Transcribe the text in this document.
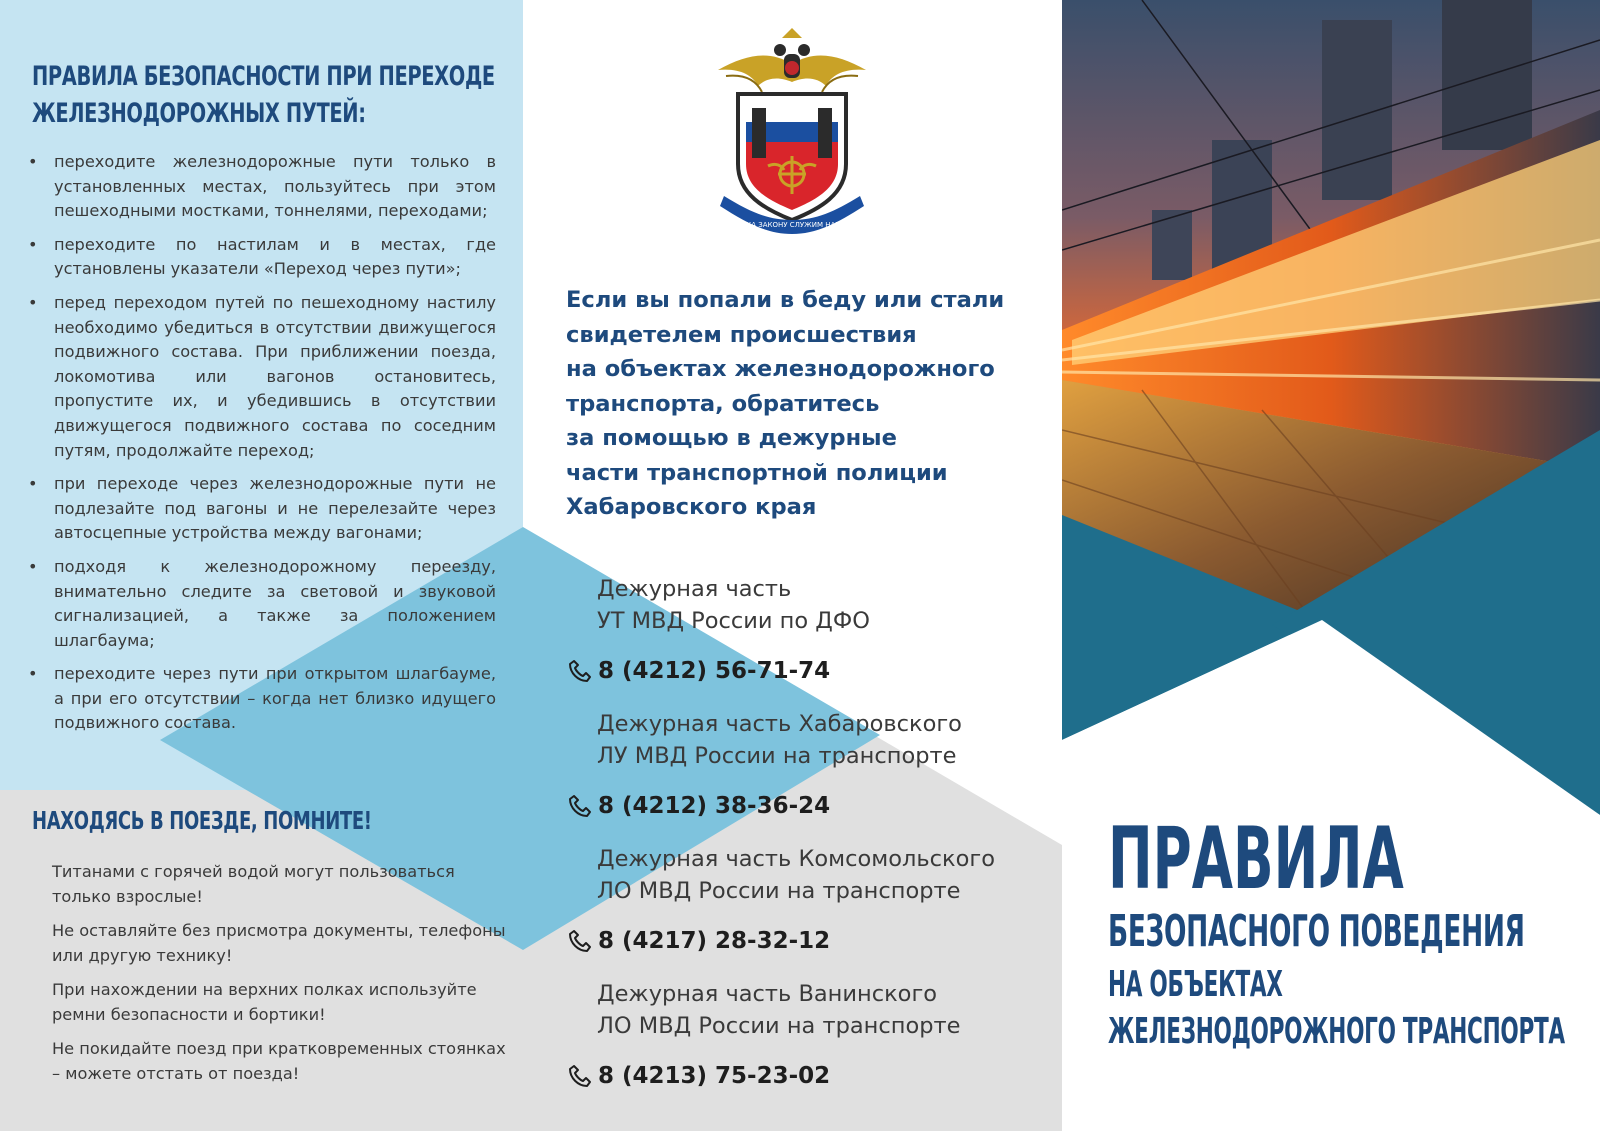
ПРАВИЛА БЕЗОПАСНОСТИ ПРИ ПЕРЕХОДЕ
ЖЕЛЕЗНОДОРОЖНЫХ ПУТЕЙ:
• переходите железнодорожные пути только в установленных местах, пользуйтесь при этом пешеходными мостками, тоннелями, переходами;
• переходите по настилам и в местах, где установлены указатели «Переход через пути»;
• перед переходом путей по пешеходному настилу необходимо убедиться в отсутствии движущегося подвижного состава. При приближении поезда, локомотива или вагонов остановитесь, пропустите их, и убедившись в отсутствии движущегося подвижного состава по соседним путям, продолжайте переход;
• при переходе через железнодорожные пути не подлезайте под вагоны и не перелезайте через автосцепные устройства между вагонами;
• подходя к железнодорожному переезду, внимательно следите за световой и звуковой сигнализацией, а также за положением шлагбаума;
• переходите через пути при открытом шлагбауме, а при его отсутствии – когда нет близко идущего подвижного состава.
НАХОДЯСЬ В ПОЕЗДЕ, ПОМНИТЕ!

Титанами с горячей водой могут пользоваться только взрослые!

Не оставляйте без присмотра документы, телефоны или другую технику!

При нахождении на верхних полках используйте ремни безопасности и бортики!

Не покидайте поезд при кратковременных стоянках – можете отстать от поезда!

СЛУЖА ЗАКОНУ СЛУЖИМ НАРОДУ
Если вы попали в беду или стали
свидетелем происшествия
на объектах железнодорожного
транспорта, обратитесь
за помощью в дежурные
части транспортной полиции
Хабаровского края
Дежурная часть
УТ МВД России по ДФО
8 (4212) 56-71-74
Дежурная часть Хабаровского
ЛУ МВД России на транспорте
8 (4212) 38-36-24
Дежурная часть Комсомольского
ЛО МВД России на транспорте
8 (4217) 28-32-12
Дежурная часть Ванинского
ЛО МВД России на транспорте
8 (4213) 75-23-02
ПРАВИЛА
БЕЗОПАСНОГО ПОВЕДЕНИЯ
НА ОБЪЕКТАХ
ЖЕЛЕЗНОДОРОЖНОГО ТРАНСПОРТА
